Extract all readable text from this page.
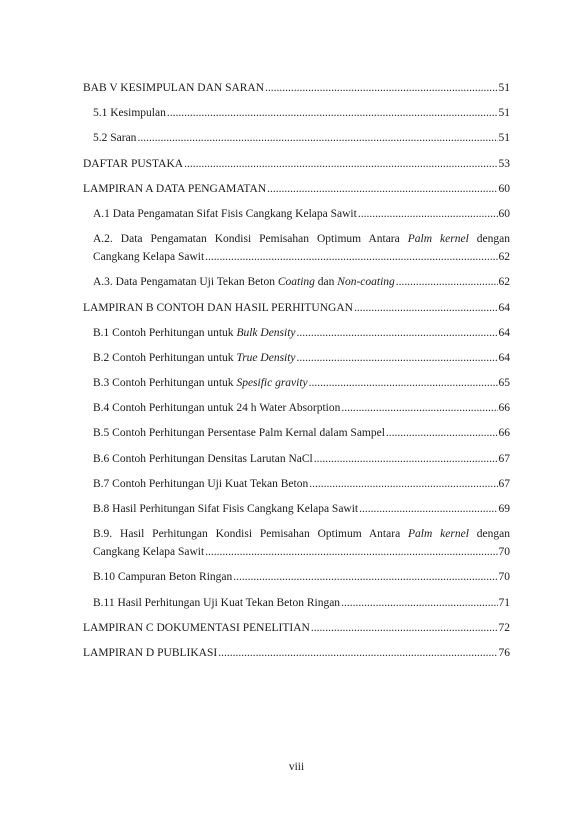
BAB V KESIMPULAN DAN SARAN .....	51
5.1 Kesimpulan .....	51
5.2 Saran .....	51
DAFTAR PUSTAKA .....	53
LAMPIRAN A DATA PENGAMATAN .....	60
A.1 Data Pengamatan Sifat Fisis Cangkang Kelapa Sawit .....	60
A.2. Data Pengamatan Kondisi Pemisahan Optimum Antara Palm kernel dengan
Cangkang Kelapa Sawit .....	62
A.3. Data Pengamatan Uji Tekan Beton Coating dan Non-coating .....	62
LAMPIRAN B CONTOH DAN HASIL PERHITUNGAN .....	64
B.1 Contoh Perhitungan untuk Bulk Density .....	64
B.2 Contoh Perhitungan untuk True Density .....	64
B.3 Contoh Perhitungan untuk Spesific gravity .....	65
B.4 Contoh Perhitungan untuk 24 h Water Absorption .....	66
B.5 Contoh Perhitungan Persentase Palm Kernal dalam Sampel .....	66
B.6 Contoh Perhitungan Densitas Larutan NaCl .....	67
B.7 Contoh Perhitungan Uji Kuat Tekan Beton .....	67
B.8 Hasil Perhitungan Sifat Fisis Cangkang Kelapa Sawit .....	69
B.9. Hasil Perhitungan Kondisi Pemisahan Optimum Antara Palm kernel dengan
Cangkang Kelapa Sawit .....	70
B.10 Campuran Beton Ringan .....	70
B.11 Hasil Perhitungan Uji Kuat Tekan Beton Ringan .....	71
LAMPIRAN C DOKUMENTASI PENELITIAN .....	72
LAMPIRAN D PUBLIKASI .....	76
viii
